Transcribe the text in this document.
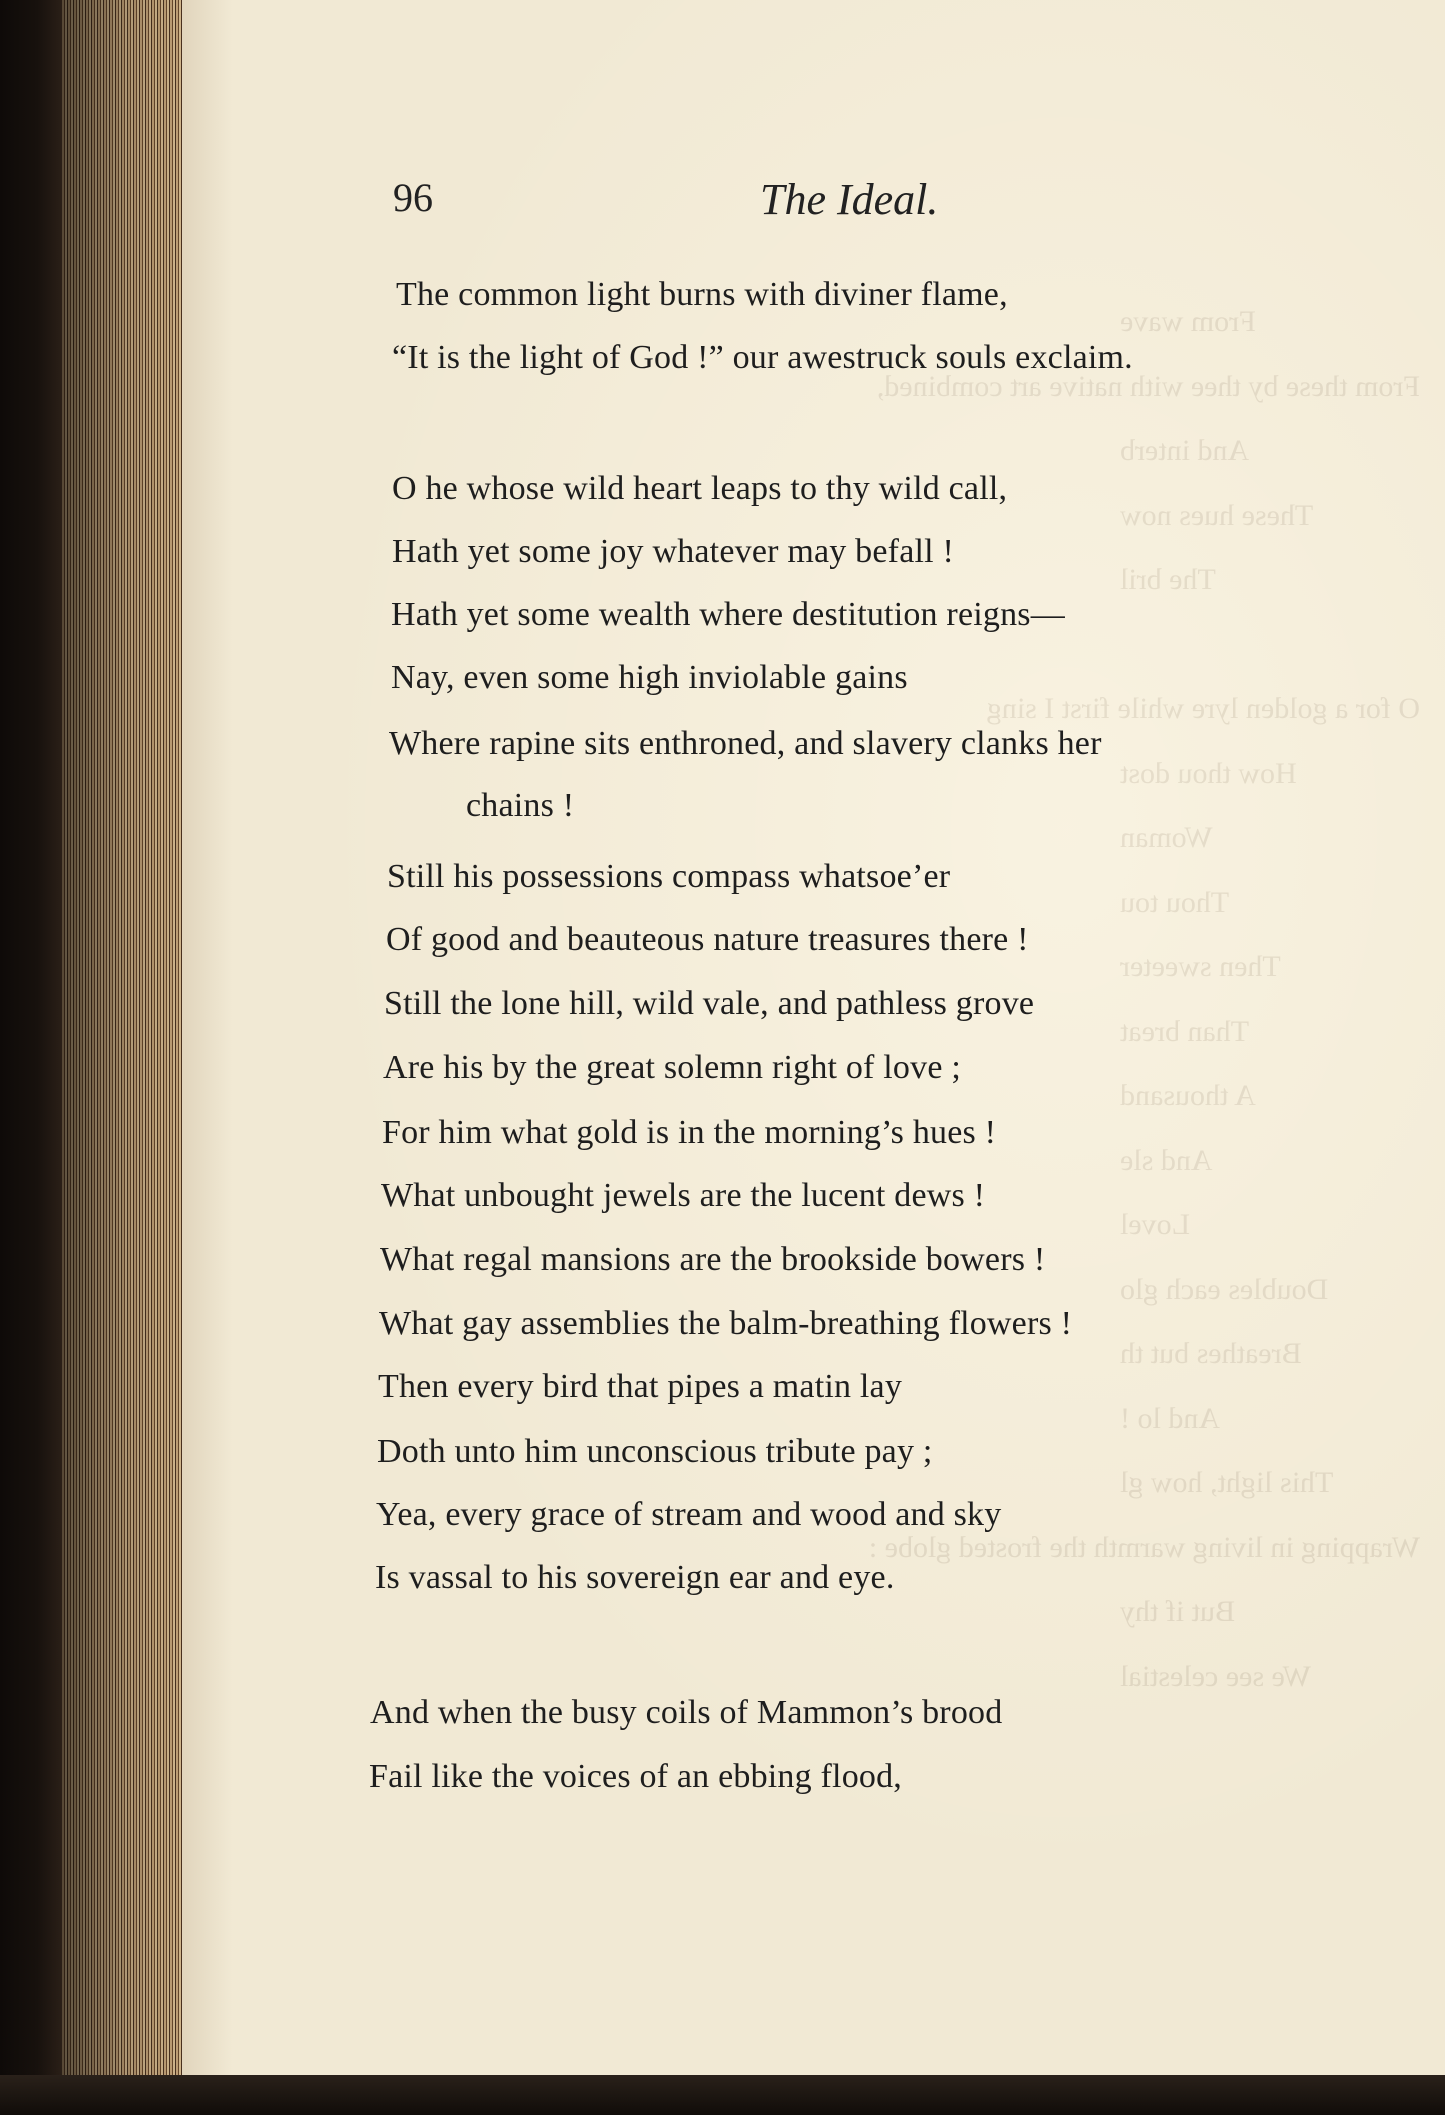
From wave
From these by thee with native art combined,
And interb
These hues now
The bril

O for a golden lyre while first I sing
How thou dost
Woman
Thou tou
Then sweeter
Than breat
A thousand
And sle
Lovel
Doubles each glo
Breathes but th
And lo !
This light, how gl
Wrapping in living warmth the frosted globe :
But if thy
We see celestial
96	The Ideal.
The common light burns with diviner flame,
“It is the light of God !” our awestruck souls exclaim.
O he whose wild heart leaps to thy wild call,
Hath yet some joy whatever may befall !
Hath yet some wealth where destitution reigns—
Nay, even some high inviolable gains
Where rapine sits enthroned, and slavery clanks her
chains !
Still his possessions compass whatsoe’er
Of good and beauteous nature treasures there !
Still the lone hill, wild vale, and pathless grove
Are his by the great solemn right of love ;
For him what gold is in the morning’s hues !
What unbought jewels are the lucent dews !
What regal mansions are the brookside bowers !
What gay assemblies the balm-breathing flowers !
Then every bird that pipes a matin lay
Doth unto him unconscious tribute pay ;
Yea, every grace of stream and wood and sky
Is vassal to his sovereign ear and eye.
And when the busy coils of Mammon’s brood
Fail like the voices of an ebbing flood,
